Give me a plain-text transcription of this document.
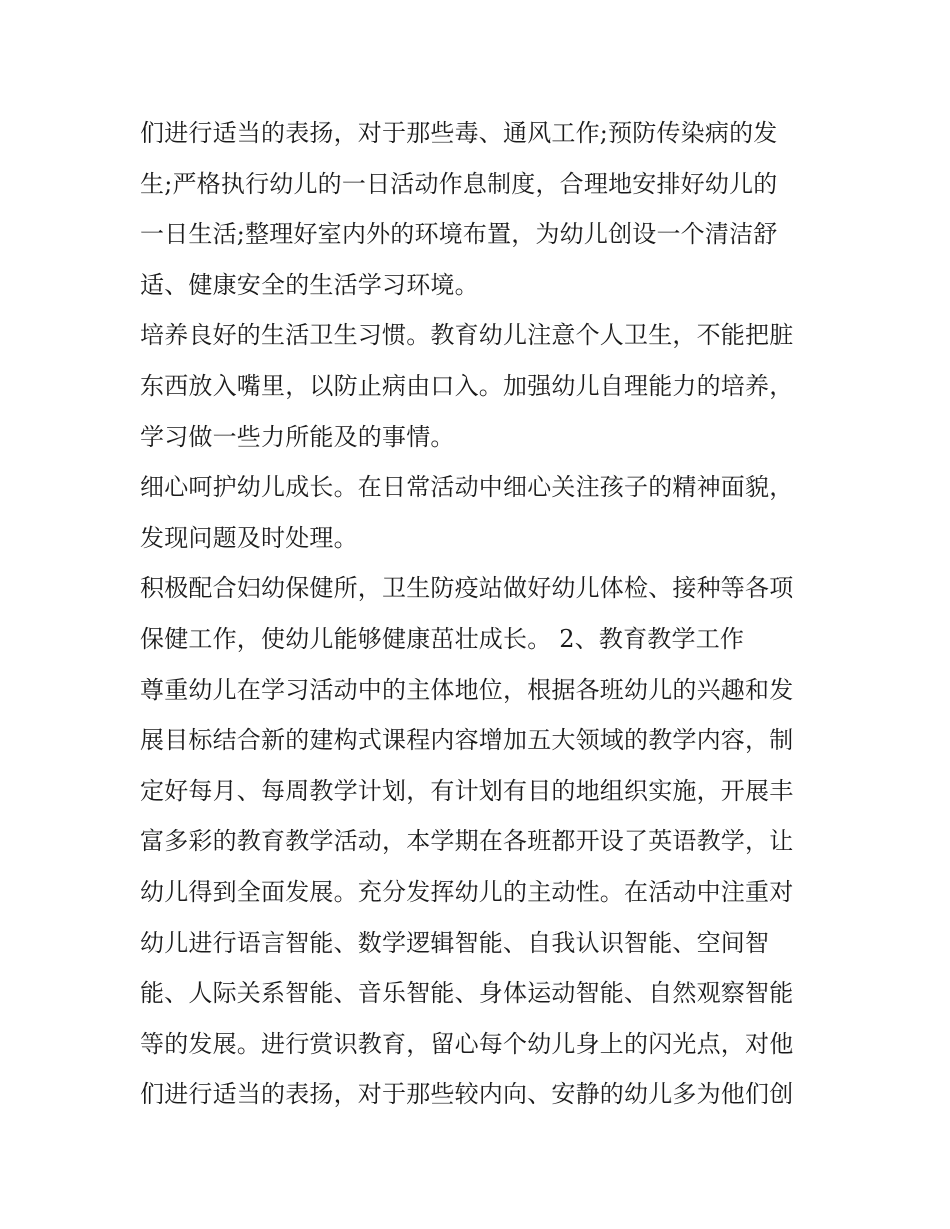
们进行适当的表扬，对于那些毒、通风工作;预防传染病的发
生;严格执行幼儿的一日活动作息制度，合理地安排好幼儿的
一日生活;整理好室内外的环境布置，为幼儿创设一个清洁舒
适、健康安全的生活学习环境。
培养良好的生活卫生习惯。教育幼儿注意个人卫生，不能把脏
东西放入嘴里，以防止病由口入。加强幼儿自理能力的培养，
学习做一些力所能及的事情。
细心呵护幼儿成长。在日常活动中细心关注孩子的精神面貌，
发现问题及时处理。
积极配合妇幼保健所，卫生防疫站做好幼儿体检、接种等各项
保健工作，使幼儿能够健康茁壮成长。 2、教育教学工作
尊重幼儿在学习活动中的主体地位，根据各班幼儿的兴趣和发
展目标结合新的建构式课程内容增加五大领域的教学内容，制
定好每月、每周教学计划，有计划有目的地组织实施，开展丰
富多彩的教育教学活动，本学期在各班都开设了英语教学，让
幼儿得到全面发展。充分发挥幼儿的主动性。在活动中注重对
幼儿进行语言智能、数学逻辑智能、自我认识智能、空间智
能、人际关系智能、音乐智能、身体运动智能、自然观察智能
等的发展。进行赏识教育，留心每个幼儿身上的闪光点，对他
们进行适当的表扬，对于那些较内向、安静的幼儿多为他们创
